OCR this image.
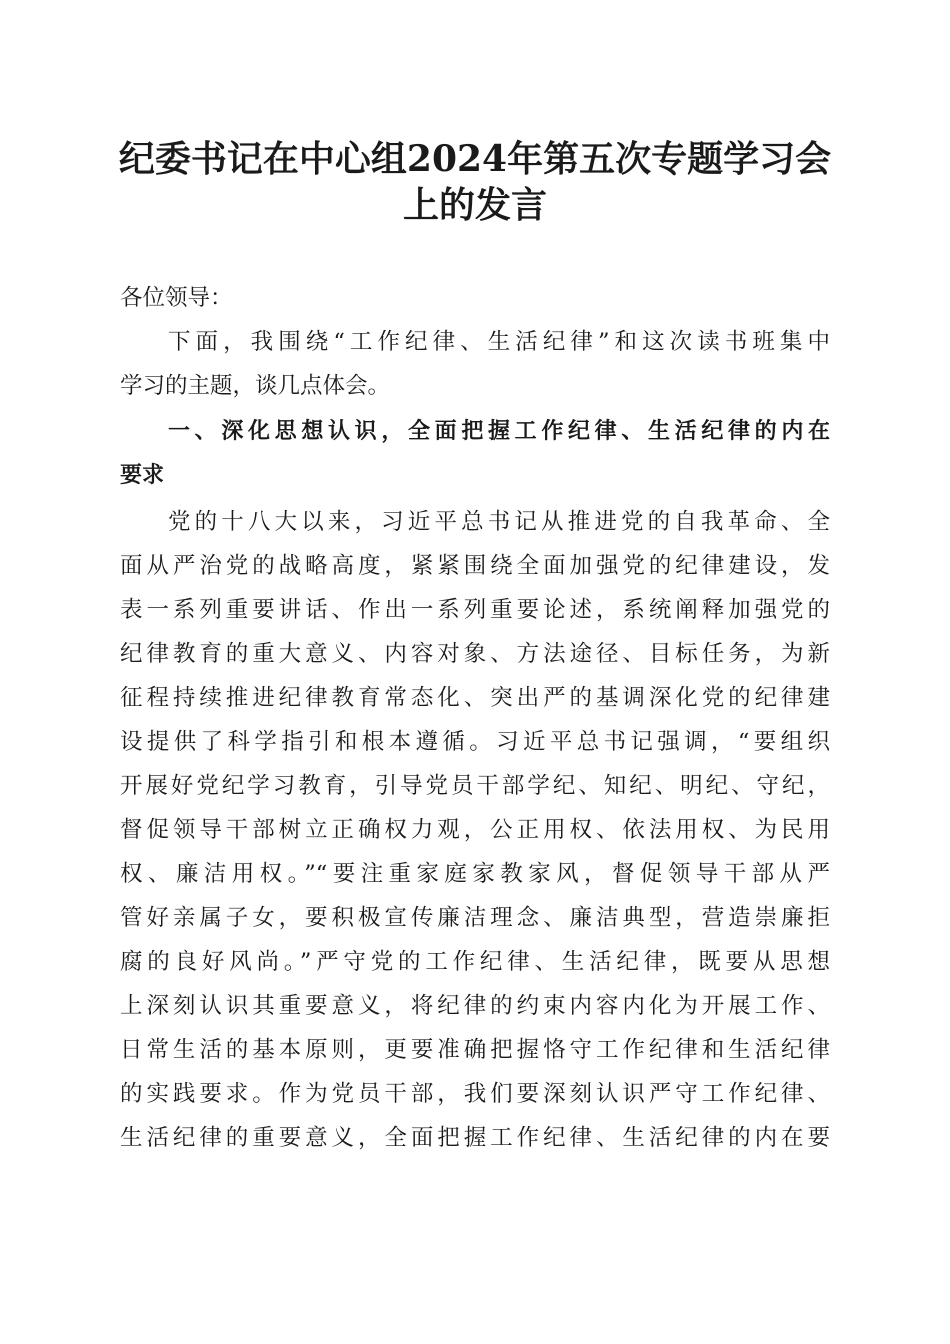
纪委书记在中心组2024年第五次专题学习会
上的发言
各位领导：
下面，我围绕“工作纪律、生活纪律”和这次读书班集中
学习的主题，谈几点体会。
一、深化思想认识，全面把握工作纪律、生活纪律的内在
要求
党的十八大以来，习近平总书记从推进党的自我革命、全
面从严治党的战略高度，紧紧围绕全面加强党的纪律建设，发
表一系列重要讲话、作出一系列重要论述，系统阐释加强党的
纪律教育的重大意义、内容对象、方法途径、目标任务，为新
征程持续推进纪律教育常态化、突出严的基调深化党的纪律建
设提供了科学指引和根本遵循。习近平总书记强调，“要组织
开展好党纪学习教育，引导党员干部学纪、知纪、明纪、守纪，
督促领导干部树立正确权力观，公正用权、依法用权、为民用
权、廉洁用权。”“要注重家庭家教家风，督促领导干部从严
管好亲属子女，要积极宣传廉洁理念、廉洁典型，营造崇廉拒
腐的良好风尚。”严守党的工作纪律、生活纪律，既要从思想
上深刻认识其重要意义，将纪律的约束内容内化为开展工作、
日常生活的基本原则，更要准确把握恪守工作纪律和生活纪律
的实践要求。作为党员干部，我们要深刻认识严守工作纪律、
生活纪律的重要意义，全面把握工作纪律、生活纪律的内在要
